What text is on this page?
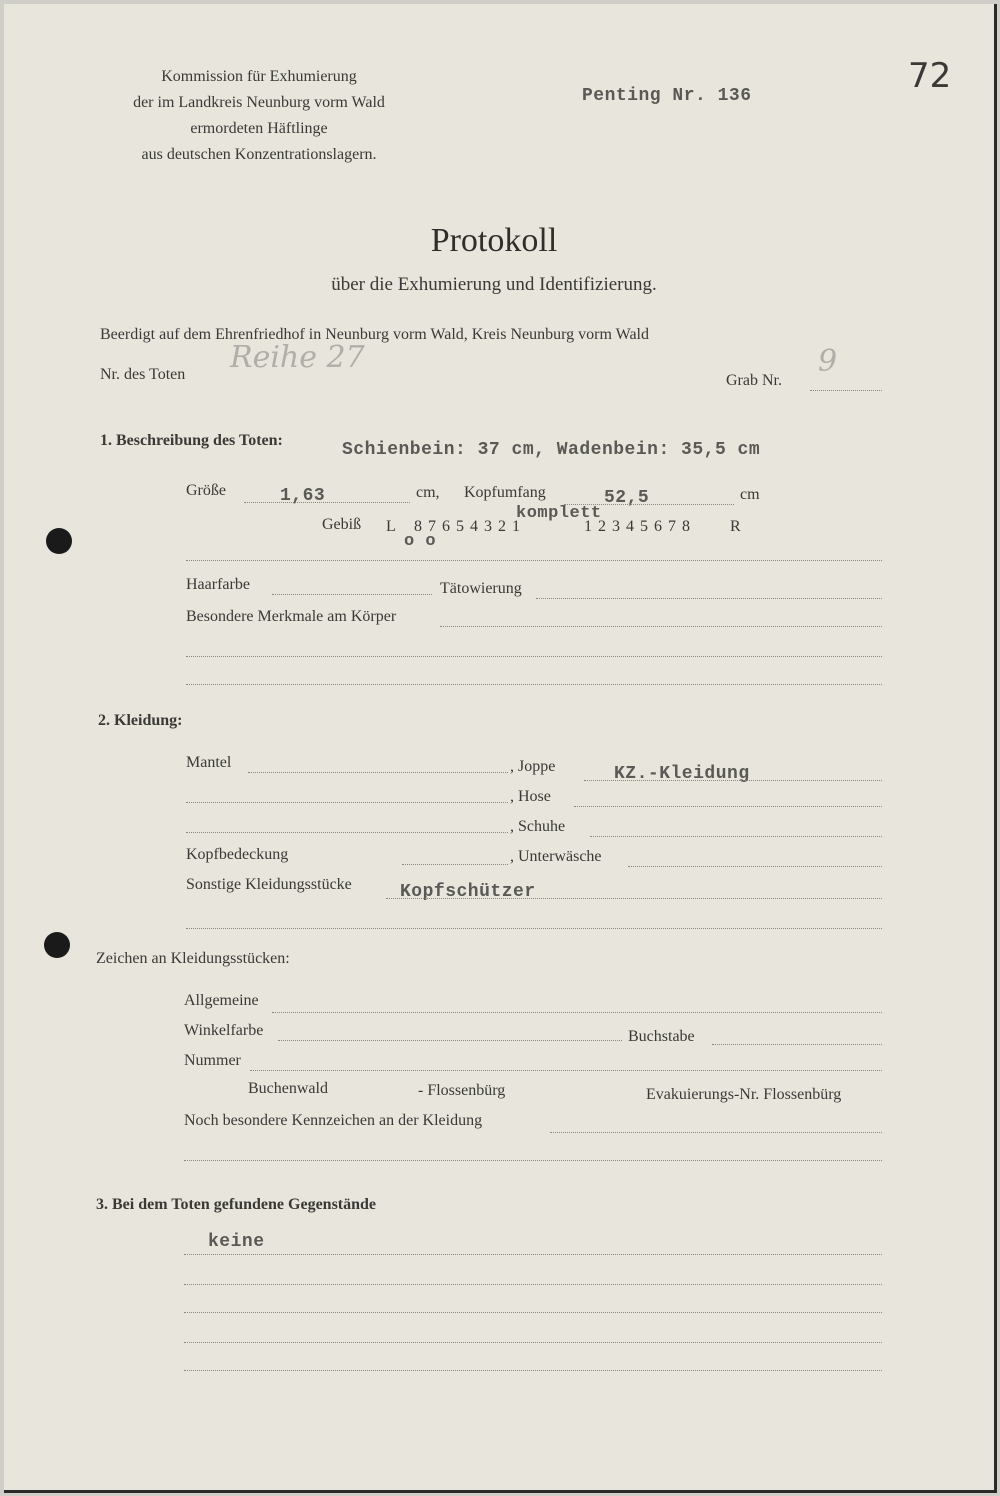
Kommission für Exhumierung
der im Landkreis Neunburg vorm Wald
ermordeten Häftlinge
aus deutschen Konzentrationslagern.
Penting Nr. 136	72
Protokoll
über die Exhumierung und Identifizierung.
Beerdigt auf dem Ehrenfriedhof in Neunburg vorm Wald, Kreis Neunburg vorm Wald
Nr. des Toten Reihe 27
Grab Nr.
9
1. Beschreibung des Toten:	Schienbein: 37 cm, Wadenbein: 35,5 cm
Größe	1,63	cm, Kopfumfang	52,5	cm
Gebiß L 8 7 6 5 4 3 2 1	1 2 3 4 5 6 7 8 R
komplett
o o
Haarfarbe	Tätowierung
Besondere Merkmale am Körper
2. Kleidung:
Mantel	, Joppe	KZ.-Kleidung
, Hose
, Schuhe
Kopfbedeckung	, Unterwäsche
Sonstige Kleidungsstücke	Kopfschützer
Zeichen an Kleidungsstücken:
Allgemeine
Winkelfarbe	Buchstabe
Nummer
Buchenwald	- Flossenbürg	Evakuierungs-Nr. Flossenbürg
Noch besondere Kennzeichen an der Kleidung
3. Bei dem Toten gefundene Gegenstände
keine
